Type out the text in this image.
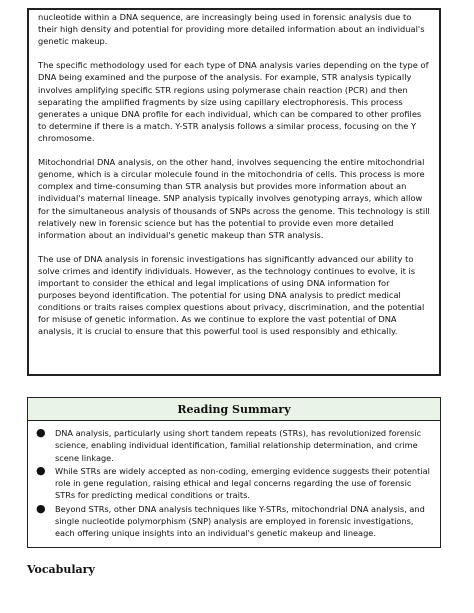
nucleotide within a DNA sequence, are increasingly being used in forensic analysis due to their high density and potential for providing more detailed information about an individual's genetic makeup.

The specific methodology used for each type of DNA analysis varies depending on the type of DNA being examined and the purpose of the analysis. For example, STR analysis typically involves amplifying specific STR regions using polymerase chain reaction (PCR) and then separating the amplified fragments by size using capillary electrophoresis. This process generates a unique DNA profile for each individual, which can be compared to other profiles to determine if there is a match. Y-STR analysis follows a similar process, focusing on the Y chromosome.

Mitochondrial DNA analysis, on the other hand, involves sequencing the entire mitochondrial genome, which is a circular molecule found in the mitochondria of cells. This process is more complex and time-consuming than STR analysis but provides more information about an individual's maternal lineage. SNP analysis typically involves genotyping arrays, which allow for the simultaneous analysis of thousands of SNPs across the genome. This technology is still relatively new in forensic science but has the potential to provide even more detailed information about an individual's genetic makeup than STR analysis.

The use of DNA analysis in forensic investigations has significantly advanced our ability to solve crimes and identify individuals. However, as the technology continues to evolve, it is important to consider the ethical and legal implications of using DNA information for purposes beyond identification. The potential for using DNA analysis to predict medical conditions or traits raises complex questions about privacy, discrimination, and the potential for misuse of genetic information. As we continue to explore the vast potential of DNA analysis, it is crucial to ensure that this powerful tool is used responsibly and ethically.

Reading Summary
●	DNA analysis, particularly using short tandem repeats (STRs), has revolutionized forensic science, enabling individual identification, familial relationship determination, and crime scene linkage.
●	While STRs are widely accepted as non-coding, emerging evidence suggests their potential role in gene regulation, raising ethical and legal concerns regarding the use of forensic STRs for predicting medical conditions or traits.
●	Beyond STRs, other DNA analysis techniques like Y-STRs, mitochondrial DNA analysis, and single nucleotide polymorphism (SNP) analysis are employed in forensic investigations, each offering unique insights into an individual's genetic makeup and lineage.
Vocabulary
